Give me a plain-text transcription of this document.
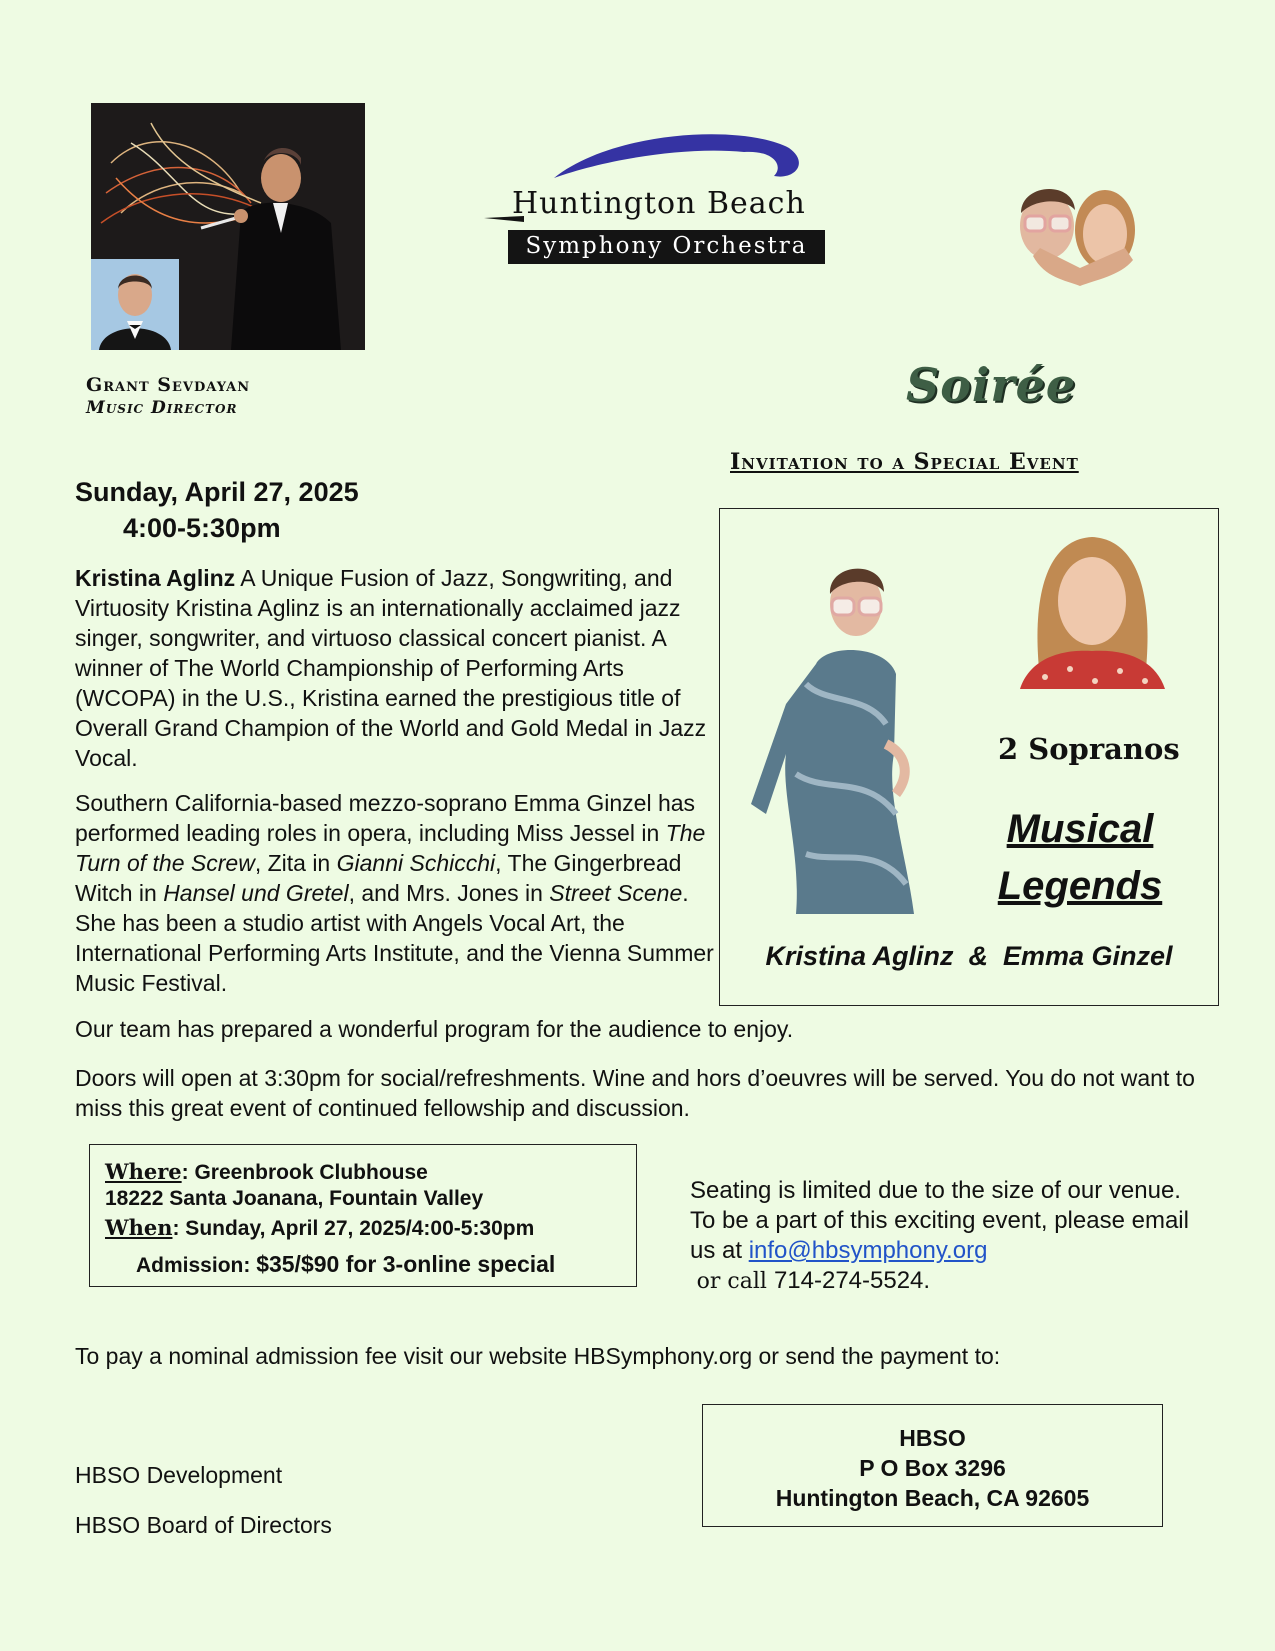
Grant Sevdayan
Music Director
Huntington Beach
Symphony Orchestra
Soirée
Invitation to a Special Event
Sunday, April 27, 2025
4:00-5:30pm
Kristina Aglinz A Unique Fusion of Jazz, Songwriting, and Virtuosity Kristina Aglinz is an internationally acclaimed jazz singer, songwriter, and virtuoso classical concert pianist. A winner of The World Championship of Performing Arts (WCOPA) in the U.S., Kristina earned the prestigious title of Overall Grand Champion of the World and Gold Medal in Jazz Vocal.
Southern California-based mezzo-soprano Emma Ginzel has performed leading roles in opera, including Miss Jessel in The Turn of the Screw, Zita in Gianni Schicchi, The Gingerbread Witch in Hansel und Gretel, and Mrs. Jones in Street Scene. She has been a studio artist with Angels Vocal Art, the International Performing Arts Institute, and the Vienna Summer Music Festival.
2 Sopranos
Musical
Legends
Kristina Aglinz  &  Emma Ginzel
Our team has prepared a wonderful program for the audience to enjoy.
Doors will open at 3:30pm for social/refreshments. Wine and hors d’oeuvres will be served. You do not want to miss this great event of continued fellowship and discussion.
Where: Greenbrook Clubhouse
18222 Santa Joanana, Fountain Valley
When: Sunday, April 27, 2025/4:00-5:30pm
Admission: $35/$90 for 3-online special
Seating is limited due to the size of our venue. To be a part of this exciting event, please email us at info@hbsymphony.org
or call 714-274-5524.
To pay a nominal admission fee visit our website HBSymphony.org or send the payment to:
HBSO Development
HBSO Board of Directors
HBSO
P O Box 3296
Huntington Beach, CA 92605
